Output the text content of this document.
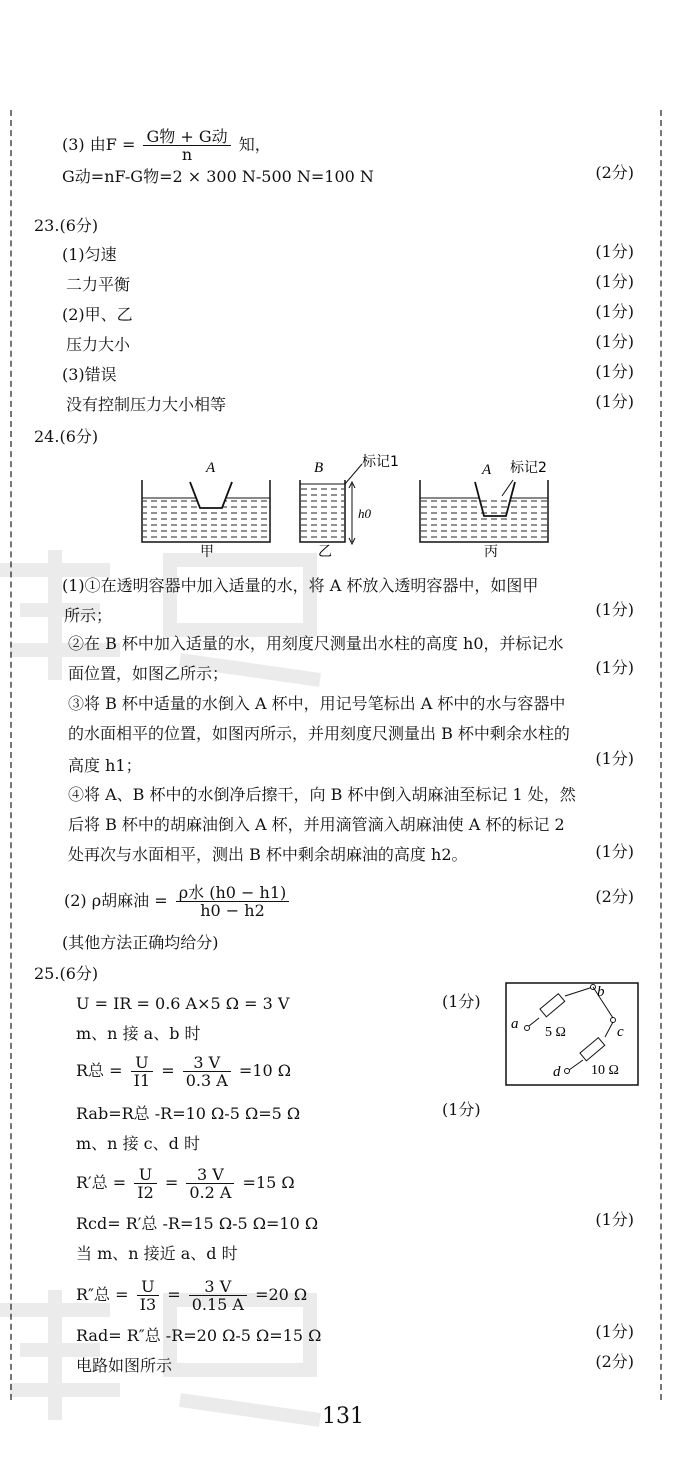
(3) 由$F = \frac{\text{G物 + G动}}{n}$ 知，
G动=nF-G物=2 × 300 N-500 N=100 N	(2分)
23.(6分)
(1)匀速	(1分)
二力平衡	(1分)
(2)甲、乙	(1分)
压力大小	(1分)
(3)错误	(1分)
没有控制压力大小相等	(1分)
24.(6分)
A
甲
B	标记1
h0
乙
A 标记2
丙
(1)①在透明容器中加入适量的水，将 A 杯放入透明容器中，如图甲
所示；	(1分)
②在 B 杯中加入适量的水，用刻度尺测量出水柱的高度 h0，并标记水
面位置，如图乙所示；	(1分)
③将 B 杯中适量的水倒入 A 杯中，用记号笔标出 A 杯中的水与容器中
的水面相平的位置，如图丙所示，并用刻度尺测量出 B 杯中剩余水柱的
高度 h1；	(1分)
④将 A、B 杯中的水倒净后擦干，向 B 杯中倒入胡麻油至标记 1 处，然
后将 B 杯中的胡麻油倒入 A 杯，并用滴管滴入胡麻油使 A 杯的标记 2
处再次与水面相平，测出 B 杯中剩余胡麻油的高度 h2。	(1分)
(2) ρ胡麻油 = $\frac{\text{ρ水 (h0 − h1)}}{h0 - h2}$	(2分)
(其他方法正确均给分)
25.(6分)
U = IR = 0.6 A×5 Ω = 3 V	(1分)
m、n 接 a、b 时
R总 = $\frac{U}{I1} = \frac{3 V}{0.3 A} =10$ Ω
a
b
c
d
5 Ω
10 Ω
Rab=R总 -R=10 Ω-5 Ω=5 Ω	(1分)
m、n 接 c、d 时
R′总 = $\frac{U}{I2} = \frac{3 V}{0.2 A} =15$ Ω
Rcd= R′总 -R=15 Ω-5 Ω=10 Ω	(1分)
当 m、n 接近 a、d 时
R″总 = $\frac{U}{I3} = \frac{3 V}{0.15 A} =20$ Ω
Rad= R″总 -R=20 Ω-5 Ω=15 Ω	(1分)
电路如图所示	(2分)
131
